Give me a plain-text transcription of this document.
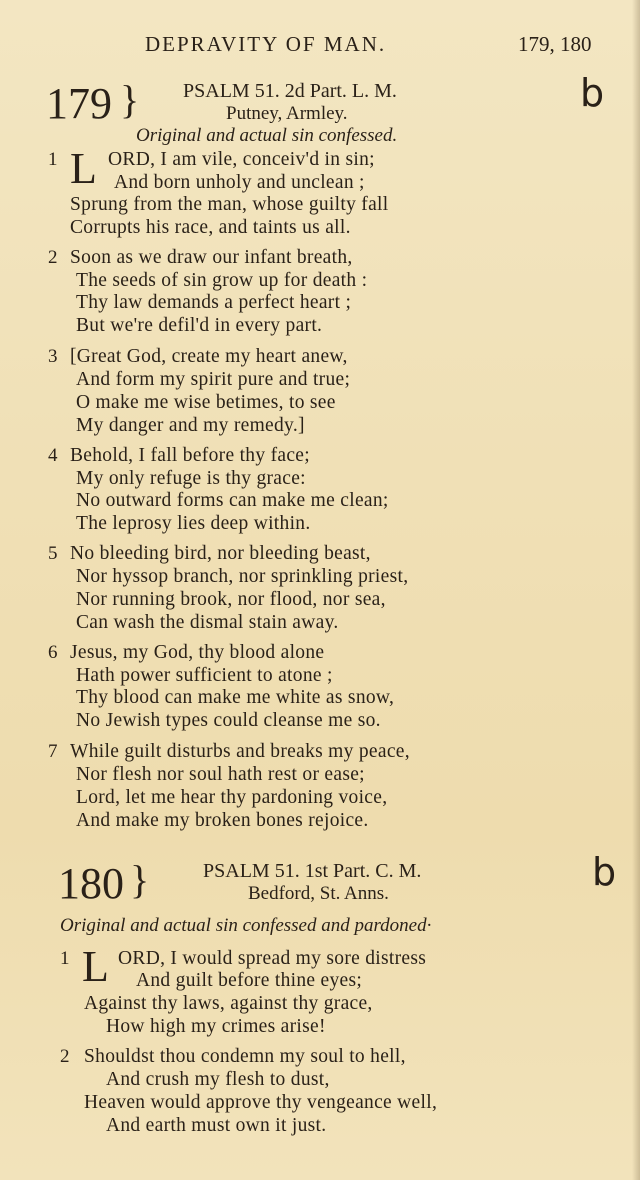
DEPRAVITY OF MAN.	179, 180
179 } PSALM 51. 2d Part. L. M.
Putney, Armley.	b
Original and actual sin confessed.
1 L ORD, I am vile, conceiv'd in sin;
And born unholy and unclean ;
Sprung from the man, whose guilty fall
Corrupts his race, and taints us all.
2 Soon as we draw our infant breath,
The seeds of sin grow up for death :
Thy law demands a perfect heart ;
But we're defil'd in every part.
3 [Great God, create my heart anew,
And form my spirit pure and true;
O make me wise betimes, to see
My danger and my remedy.]
4 Behold, I fall before thy face;
My only refuge is thy grace:
No outward forms can make me clean;
The leprosy lies deep within.
5 No bleeding bird, nor bleeding beast,
Nor hyssop branch, nor sprinkling priest,
Nor running brook, nor flood, nor sea,
Can wash the dismal stain away.
6 Jesus, my God, thy blood alone
Hath power sufficient to atone ;
Thy blood can make me white as snow,
No Jewish types could cleanse me so.
7 While guilt disturbs and breaks my peace,
Nor flesh nor soul hath rest or ease;
Lord, let me hear thy pardoning voice,
And make my broken bones rejoice.
180 }	PSALM 51. 1st Part. C. M.
Bedford, St. Anns.	b
Original and actual sin confessed and pardoned·
1 L ORD, I would spread my sore distress
And guilt before thine eyes;
Against thy laws, against thy grace,
How high my crimes arise!
2 Shouldst thou condemn my soul to hell,
And crush my flesh to dust,
Heaven would approve thy vengeance well,
And earth must own it just.
